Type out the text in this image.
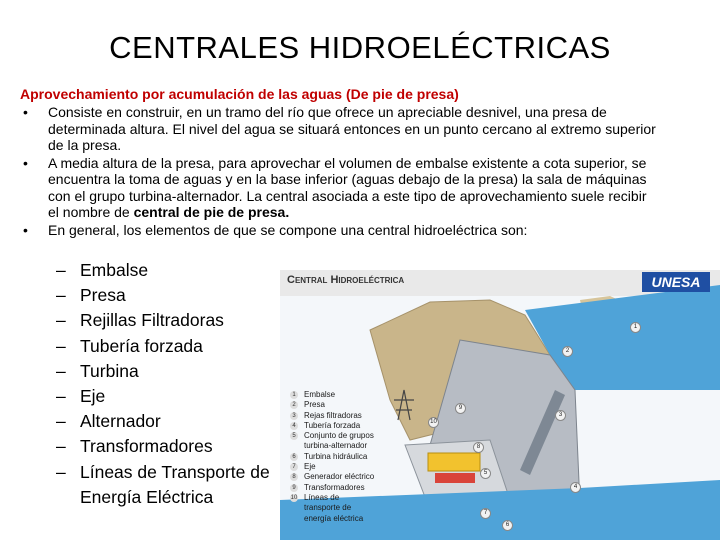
CENTRALES HIDROELÉCTRICAS
Aprovechamiento por acumulación de las aguas (De pie de presa)
• Consiste en construir, en un tramo del río que ofrece un apreciable desnivel, una presa de determinada altura. El nivel del agua se situará entonces en un punto cercano al extremo superior de la presa.
• A media altura de la presa, para aprovechar el volumen de embalse existente a cota superior, se encuentra la toma de aguas y en la base inferior (aguas debajo de la presa) la sala de máquinas con el grupo turbina-alternador. La central asociada a este tipo de aprovechamiento suele recibir el nombre de central de pie de presa.
• En general, los elementos de que se compone una central hidroeléctrica son:
– Embalse
– Presa
– Rejillas Filtradoras
– Tubería forzada
– Turbina
– Eje
– Alternador
– Transformadores
– Líneas de Transporte de Energía Eléctrica
Central Hidroeléctrica	UNESA
1 Embalse
2 Presa
3 Rejas filtradoras
4 Tubería forzada
5 Conjunto de grupos turbina-alternador
6 Turbina hidráulica
7 Eje
8 Generador eléctrico
9 Transformadores
10 Líneas de transporte de energía eléctrica
1
2
3
4
5
6
7
8
9
10
